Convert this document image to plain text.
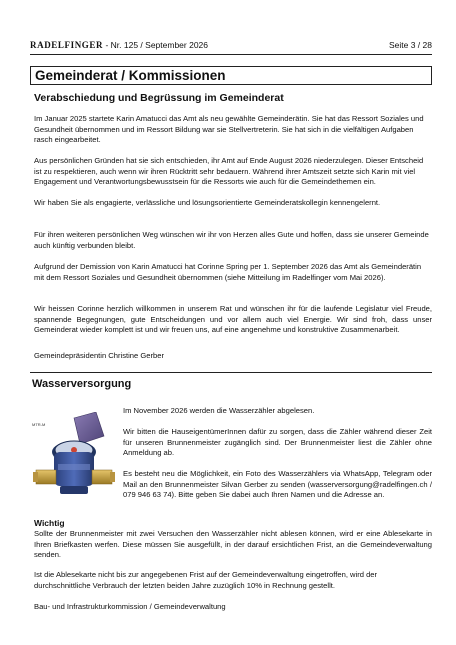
RADELFINGER - Nr. 125 / September 2026	Seite 3 / 28
Gemeinderat / Kommissionen
Verabschiedung und Begrüssung im Gemeinderat

Im Januar 2025 startete Karin Amatucci das Amt als neu gewählte Gemeinderätin. Sie hat das Ressort Soziales und Gesundheit übernommen und im Ressort Bildung war sie Stellvertreterin. Sie hat sich in die vielfältigen Aufgaben rasch eingearbeitet.

Aus persönlichen Gründen hat sie sich entschieden, ihr Amt auf Ende August 2026 niederzulegen. Dieser Entscheid ist zu respektieren, auch wenn wir ihren Rücktritt sehr bedauern. Während ihrer Amtszeit setzte sich Karin mit viel Engagement und Verantwortungsbewusstsein für die Ressorts wie auch für die Gemeindethemen ein.

Wir haben Sie als engagierte, verlässliche und lösungsorientierte Gemeinderatskollegin kennengelernt.

Für ihren weiteren persönlichen Weg wünschen wir ihr von Herzen alles Gute und hoffen, dass sie unserer Gemeinde auch künftig verbunden bleibt.

Aufgrund der Demission von Karin Amatucci hat Corinne Spring per 1. September 2026 das Amt als Gemeinderätin mit dem Ressort Soziales und Gesundheit übernommen (siehe Mitteilung im Radelfinger vom Mai 2026).

Wir heissen Corinne herzlich willkommen in unserem Rat und wünschen ihr für die laufende Legislatur viel Freude, spannende Begegnungen, gute Entscheidungen und vor allem auch viel Energie. Wir sind froh, dass unser Gemeinderat wieder komplett ist und wir freuen uns, auf eine angenehme und konstruktive Zusammenarbeit.

Gemeindepräsidentin Christine Gerber

Wasserversorgung
MTR-M

Im November 2026 werden die Wasserzähler abgelesen.

Wir bitten die HauseigentümerInnen dafür zu sorgen, dass die Zähler während dieser Zeit für unseren Brunnenmeister zugänglich sind. Der Brunnenmeister liest die Zähler ohne Anmeldung ab.

Es besteht neu die Möglichkeit, ein Foto des Wasserzählers via WhatsApp, Telegram oder Mail an den Brunnenmeister Silvan Gerber zu senden (wasserversorgung@radelfingen.ch / 079 946 63 74). Bitte geben Sie dabei auch Ihren Namen und die Adresse an.

Wichtig

Sollte der Brunnenmeister mit zwei Versuchen den Wasserzähler nicht ablesen können, wird er eine Ablesekarte in Ihren Briefkasten werfen. Diese müssen Sie ausgefüllt, in der darauf ersichtlichen Frist, an die Gemeindeverwaltung senden.

Ist die Ablesekarte nicht bis zur angegebenen Frist auf der Gemeindeverwaltung eingetroffen, wird der durchschnittliche Verbrauch der letzten beiden Jahre zuzüglich 10% in Rechnung gestellt.

Bau- und Infrastrukturkommission / Gemeindeverwaltung
